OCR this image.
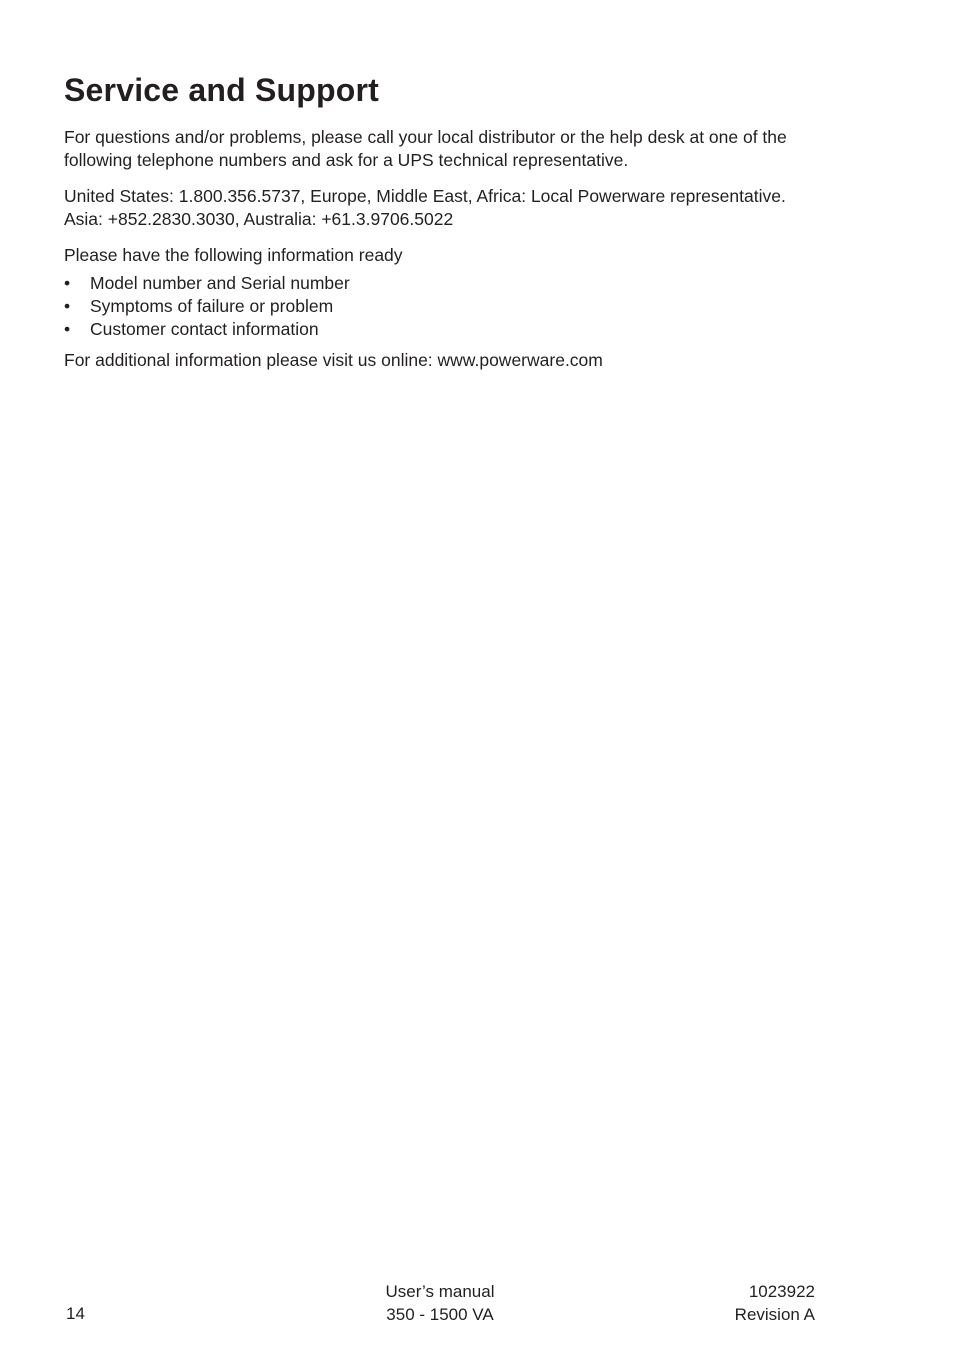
Service and Support

For questions and/or problems, please call your local distributor or the help desk at one of the following telephone numbers and ask for a UPS technical representative.

United States: 1.800.356.5737, Europe, Middle East, Africa: Local Powerware representative. Asia: +852.2830.3030, Australia: +61.3.9706.5022

Please have the following information ready

• Model number and Serial number
• Symptoms of failure or problem
• Customer contact information

For additional information please visit us online: www.powerware.com

14
User’s manual
350 - 1500 VA
1023922
Revision A
